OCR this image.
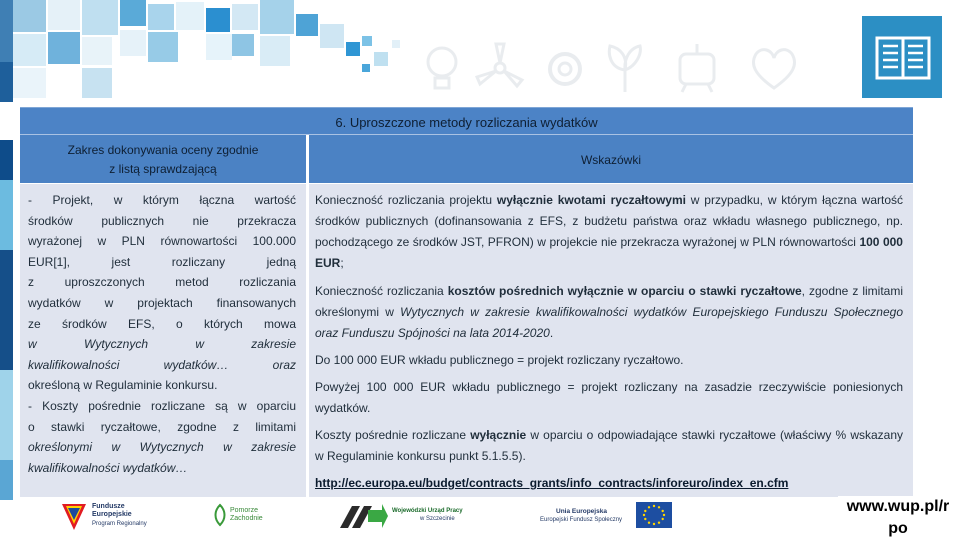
6. Uproszczone metody rozliczania wydatków
Zakres dokonywania oceny zgodnie
z listą sprawdzającą
Wskazówki
- Projekt, w którym łączna wartość
środków publicznych nie przekracza
wyrażonej w PLN równowartości 100.000
EUR[1], jest rozliczany jedną
z uproszczonych metod rozliczania
wydatków w projektach finansowanych
ze środków EFS, o których mowa
w Wytycznych w zakresie
kwalifikowalności wydatków… oraz
określoną w Regulaminie konkursu.
- Koszty pośrednie rozliczane są w oparciu
o stawki ryczałtowe, zgodne z limitami
określonymi w Wytycznych w zakresie
kwalifikowalności wydatków…
Konieczność rozliczania projektu wyłącznie kwotami ryczałtowymi w przypadku, w którym łączna wartość środków publicznych (dofinansowania z EFS, z budżetu państwa oraz wkładu własnego publicznego, np. pochodzącego ze środków JST, PFRON) w projekcie nie przekracza wyrażonej w PLN równowartości 100 000 EUR;
Konieczność rozliczania kosztów pośrednich wyłącznie w oparciu o stawki ryczałtowe, zgodne z limitami określonymi w Wytycznych w zakresie kwalifikowalności wydatków Europejskiego Funduszu Społecznego oraz Funduszu Spójności na lata 2014-2020.
Do 100 000 EUR wkładu publicznego = projekt rozliczany ryczałtowo.
Powyżej 100 000 EUR wkładu publicznego = projekt rozliczany na zasadzie rzeczywiście poniesionych wydatków.
Koszty pośrednie rozliczane wyłącznie w oparciu o odpowiadające stawki ryczałtowe (właściwy % wskazany w Regulaminie konkursu punkt 5.1.5.5).
http://ec.europa.eu/budget/contracts_grants/info_contracts/inforeuro/index_en.cfm
Fundusze
Europejskie
Program Regionalny
Pomorze
Zachodnie
Wojewódzki Urząd Pracy
w Szczecinie
Unia Europejska
Europejski Fundusz Społeczny
www.wup.pl/r po
